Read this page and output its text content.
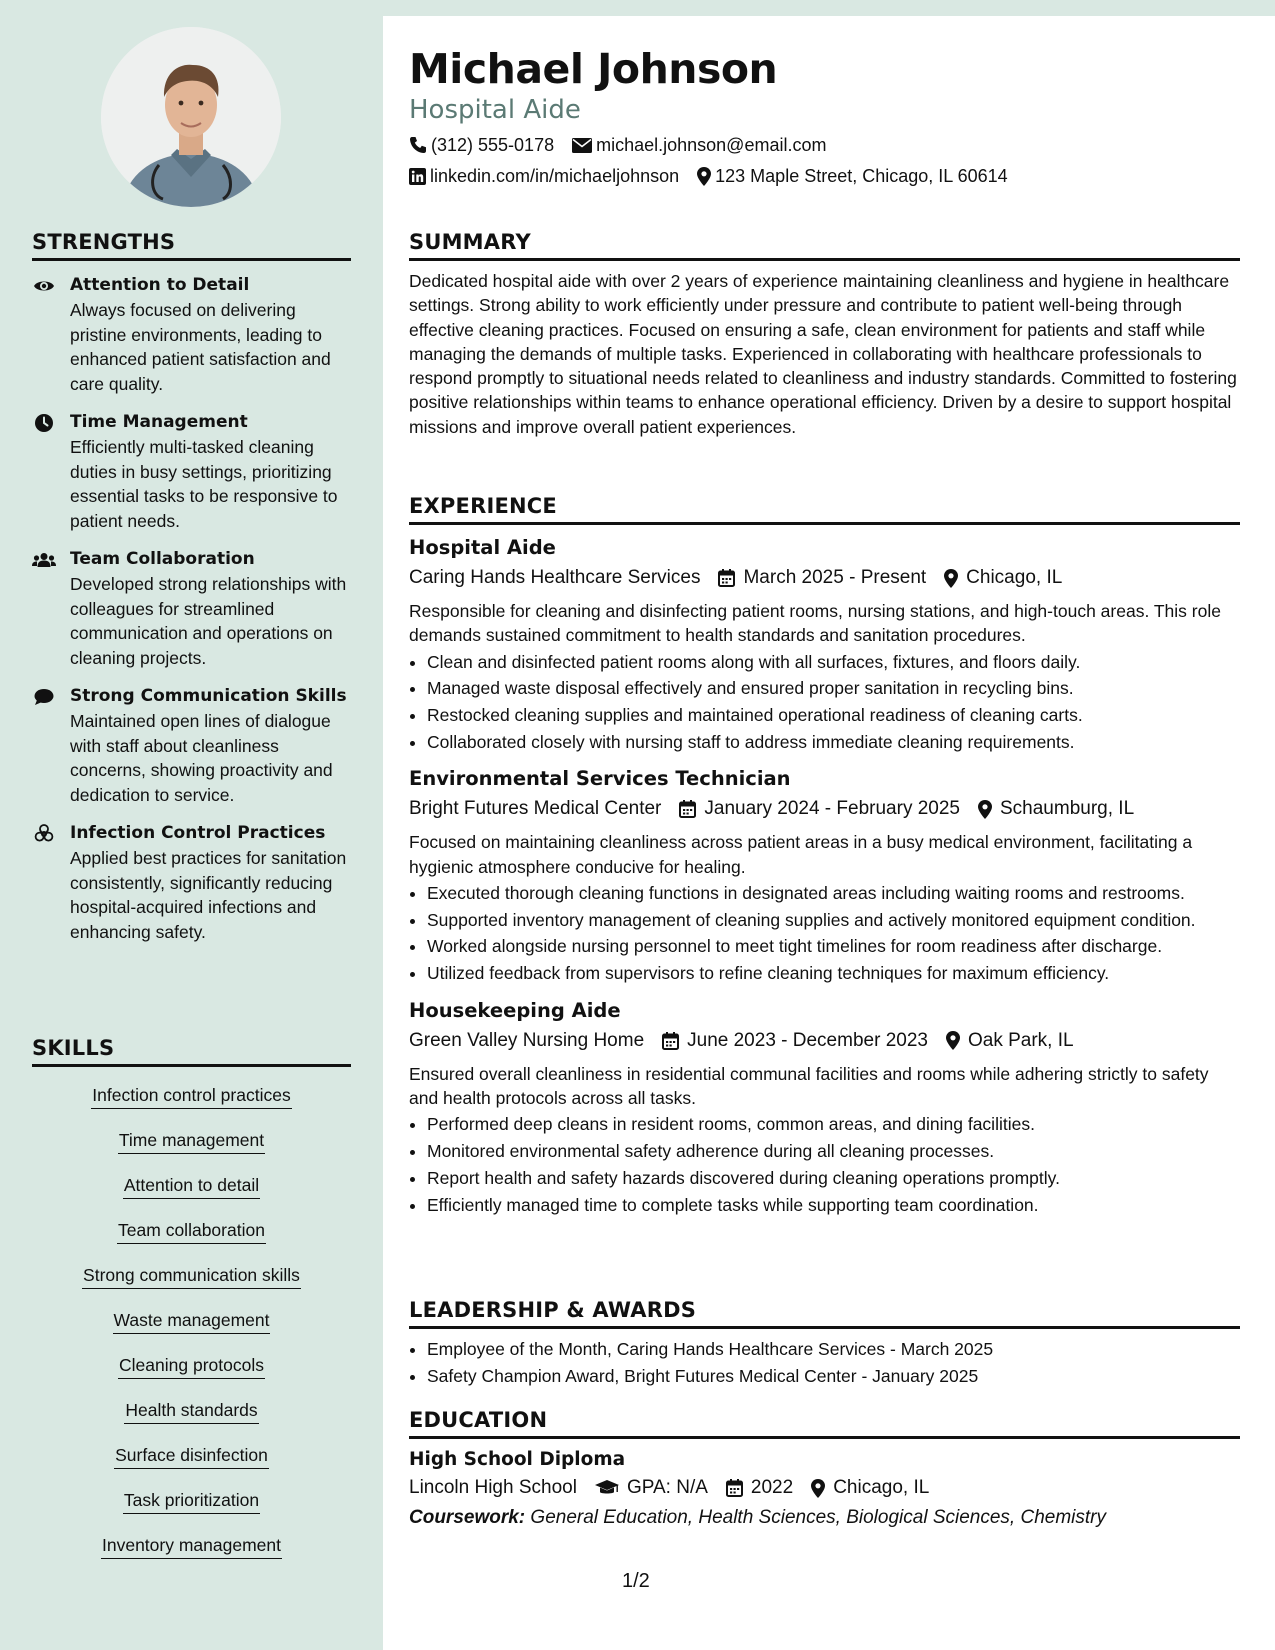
STRENGTHS
Attention to Detail

Always focused on delivering pristine environments, leading to enhanced patient satisfaction and care quality.

Time Management

Efficiently multi-tasked cleaning duties in busy settings, prioritizing essential tasks to be responsive to patient needs.

Team Collaboration

Developed strong relationships with colleagues for streamlined communication and operations on cleaning projects.

Strong Communication Skills

Maintained open lines of dialogue with staff about cleanliness concerns, showing proactivity and dedication to service.

Infection Control Practices

Applied best practices for sanitation consistently, significantly reducing hospital-acquired infections and enhancing safety.

SKILLS
Infection control practices
Time management
Attention to detail
Team collaboration
Strong communication skills
Waste management
Cleaning protocols
Health standards
Surface disinfection
Task prioritization
Inventory management
Michael Johnson

Hospital Aide

(312) 555-0178 michael.johnson@email.com
linkedin.com/in/michaeljohnson 123 Maple Street, Chicago, IL 60614
SUMMARY

Dedicated hospital aide with over 2 years of experience maintaining cleanliness and hygiene in healthcare settings. Strong ability to work efficiently under pressure and contribute to patient well-being through effective cleaning practices. Focused on ensuring a safe, clean environment for patients and staff while managing the demands of multiple tasks. Experienced in collaborating with healthcare professionals to respond promptly to situational needs related to cleanliness and industry standards. Committed to fostering positive relationships within teams to enhance operational efficiency. Driven by a desire to support hospital missions and improve overall patient experiences.

EXPERIENCE
Hospital Aide
Caring Hands Healthcare Services March 2025 - Present Chicago, IL

Responsible for cleaning and disinfecting patient rooms, nursing stations, and high-touch areas. This role demands sustained commitment to health standards and sanitation procedures.

• Clean and disinfected patient rooms along with all surfaces, fixtures, and floors daily.
• Managed waste disposal effectively and ensured proper sanitation in recycling bins.
• Restocked cleaning supplies and maintained operational readiness of cleaning carts.
• Collaborated closely with nursing staff to address immediate cleaning requirements.
Environmental Services Technician
Bright Futures Medical Center January 2024 - February 2025 Schaumburg, IL

Focused on maintaining cleanliness across patient areas in a busy medical environment, facilitating a hygienic atmosphere conducive for healing.

• Executed thorough cleaning functions in designated areas including waiting rooms and restrooms.
• Supported inventory management of cleaning supplies and actively monitored equipment condition.
• Worked alongside nursing personnel to meet tight timelines for room readiness after discharge.
• Utilized feedback from supervisors to refine cleaning techniques for maximum efficiency.
Housekeeping Aide
Green Valley Nursing Home June 2023 - December 2023 Oak Park, IL

Ensured overall cleanliness in residential communal facilities and rooms while adhering strictly to safety and health protocols across all tasks.

• Performed deep cleans in resident rooms, common areas, and dining facilities.
• Monitored environmental safety adherence during all cleaning processes.
• Report health and safety hazards discovered during cleaning operations promptly.
• Efficiently managed time to complete tasks while supporting team coordination.
LEADERSHIP & AWARDS
• Employee of the Month, Caring Hands Healthcare Services - March 2025
• Safety Champion Award, Bright Futures Medical Center - January 2025
EDUCATION
High School Diploma
Lincoln High School	GPA: N/A 2022 Chicago, IL

Coursework: General Education, Health Sciences, Biological Sciences, Chemistry

1/2
